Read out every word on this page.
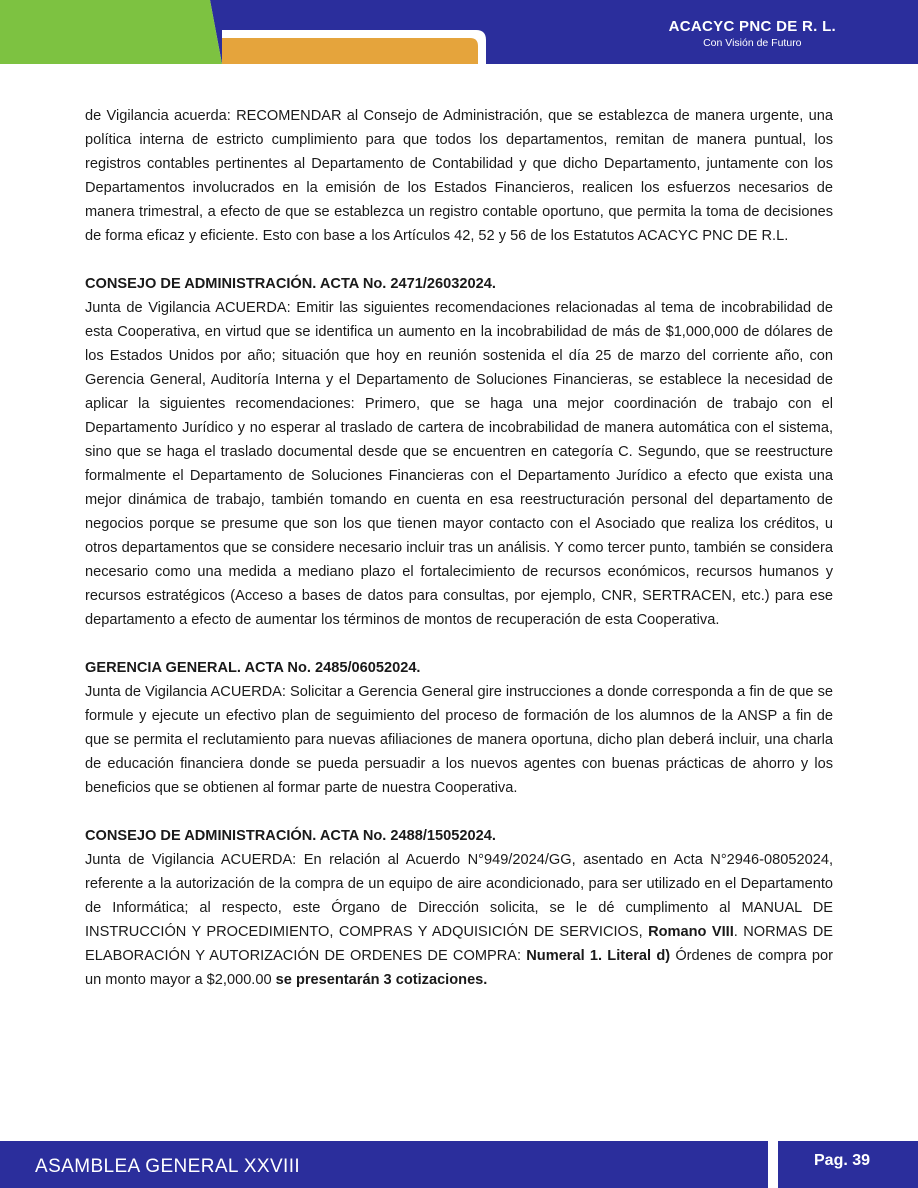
ACACYC PNC DE R. L.
Con Visión de Futuro

de Vigilancia acuerda: RECOMENDAR al Consejo de Administración, que se establezca de manera urgente, una política interna de estricto cumplimiento para que todos los departamentos, remitan de manera puntual, los registros contables pertinentes al Departamento de Contabilidad y que dicho Departamento, juntamente con los Departamentos involucrados en la emisión de los Estados Financieros, realicen los esfuerzos necesarios de manera trimestral, a efecto de que se establezca un registro contable oportuno, que permita la toma de decisiones de forma eficaz y eficiente. Esto con base a los Artículos 42, 52 y 56 de los Estatutos ACACYC PNC DE R.L.

CONSEJO DE ADMINISTRACIÓN. ACTA No. 2471/26032024.

Junta de Vigilancia ACUERDA: Emitir las siguientes recomendaciones relacionadas al tema de incobrabilidad de esta Cooperativa, en virtud que se identifica un aumento en la incobrabilidad de más de $1,000,000 de dólares de los Estados Unidos por año; situación que hoy en reunión sostenida el día 25 de marzo del corriente año, con Gerencia General, Auditoría Interna y el Departamento de Soluciones Financieras, se establece la necesidad de aplicar la siguientes recomendaciones: Primero, que se haga una mejor coordinación de trabajo con el Departamento Jurídico y no esperar al traslado de cartera de incobrabilidad de manera automática con el sistema, sino que se haga el traslado documental desde que se encuentren en categoría C. Segundo, que se reestructure formalmente el Departamento de Soluciones Financieras con el Departamento Jurídico a efecto que exista una mejor dinámica de trabajo, también tomando en cuenta en esa reestructuración personal del departamento de negocios porque se presume que son los que tienen mayor contacto con el Asociado que realiza los créditos, u otros departamentos que se considere necesario incluir tras un análisis. Y como tercer punto, también se considera necesario como una medida a mediano plazo el fortalecimiento de recursos económicos, recursos humanos y recursos estratégicos (Acceso a bases de datos para consultas, por ejemplo, CNR, SERTRACEN, etc.) para ese departamento a efecto de aumentar los términos de montos de recuperación de esta Cooperativa.

GERENCIA GENERAL. ACTA No. 2485/06052024.

Junta de Vigilancia ACUERDA: Solicitar a Gerencia General gire instrucciones a donde corresponda a fin de que se formule y ejecute un efectivo plan de seguimiento del proceso de formación de los alumnos de la ANSP a fin de que se permita el reclutamiento para nuevas afiliaciones de manera oportuna, dicho plan deberá incluir, una charla de educación financiera donde se pueda persuadir a los nuevos agentes con buenas prácticas de ahorro y los beneficios que se obtienen al formar parte de nuestra Cooperativa.

CONSEJO DE ADMINISTRACIÓN. ACTA No. 2488/15052024.

Junta de Vigilancia ACUERDA: En relación al Acuerdo N°949/2024/GG, asentado en Acta N°2946-08052024, referente a la autorización de la compra de un equipo de aire acondicionado, para ser utilizado en el Departamento de Informática; al respecto, este Órgano de Dirección solicita, se le dé cumplimento al MANUAL DE INSTRUCCIÓN Y PROCEDIMIENTO, COMPRAS Y ADQUISICIÓN DE SERVICIOS, Romano VIII. NORMAS DE ELABORACIÓN Y AUTORIZACIÓN DE ORDENES DE COMPRA: Numeral 1. Literal d) Órdenes de compra por un monto mayor a $2,000.00 se presentarán 3 cotizaciones.

ASAMBLEA GENERAL XXVIII	Pag. 39
